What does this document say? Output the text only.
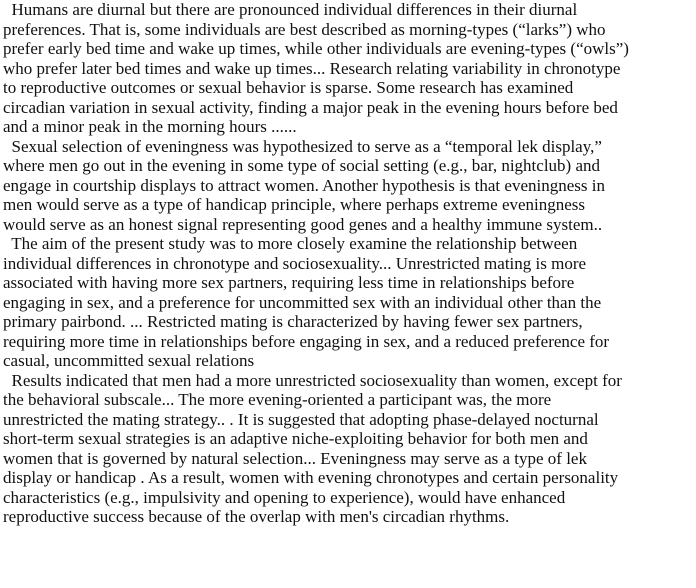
Humans are diurnal but there are pronounced individual differences in their diurnal
preferences. That is, some individuals are best described as morning-types (“larks”) who
prefer early bed time and wake up times, while other individuals are evening-types (“owls”)
who prefer later bed times and wake up times... Research relating variability in chronotype
to reproductive outcomes or sexual behavior is sparse. Some research has examined
circadian variation in sexual activity, finding a major peak in the evening hours before bed
and a minor peak in the morning hours ......
Sexual selection of eveningness was hypothesized to serve as a “temporal lek display,”
where men go out in the evening in some type of social setting (e.g., bar, nightclub) and
engage in courtship displays to attract women. Another hypothesis is that eveningness in
men would serve as a type of handicap principle, where perhaps extreme eveningness
would serve as an honest signal representing good genes and a healthy immune system..
The aim of the present study was to more closely examine the relationship between
individual differences in chronotype and sociosexuality... Unrestricted mating is more
associated with having more sex partners, requiring less time in relationships before
engaging in sex, and a preference for uncommitted sex with an individual other than the
primary pairbond. ... Restricted mating is characterized by having fewer sex partners,
requiring more time in relationships before engaging in sex, and a reduced preference for
casual, uncommitted sexual relations
Results indicated that men had a more unrestricted sociosexuality than women, except for
the behavioral subscale... The more evening-oriented a participant was, the more
unrestricted the mating strategy.. . It is suggested that adopting phase-delayed nocturnal
short-term sexual strategies is an adaptive niche-exploiting behavior for both men and
women that is governed by natural selection... Eveningness may serve as a type of lek
display or handicap . As a result, women with evening chronotypes and certain personality
characteristics (e.g., impulsivity and opening to experience), would have enhanced
reproductive success because of the overlap with men's circadian rhythms.
